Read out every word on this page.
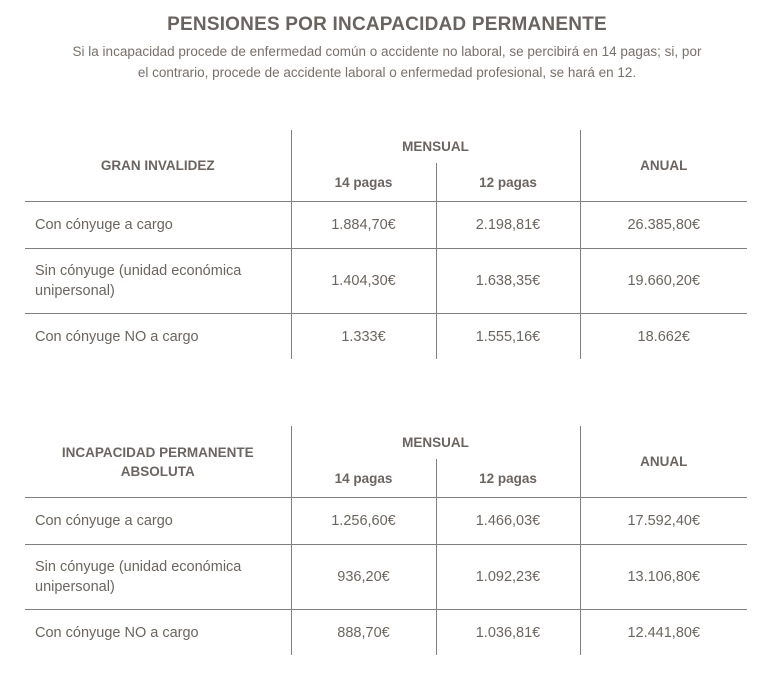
PENSIONES POR INCAPACIDAD PERMANENTE
Si la incapacidad procede de enfermedad común o accidente no laboral, se percibirá en 14 pagas; si, por
el contrario, procede de accidente laboral o enfermedad profesional, se hará en 12.
GRAN INVALIDEZ	MENSUAL		ANUAL
	14 pagas	12 pagas	
Con cónyuge a cargo	1.884,70€	2.198,81€	26.385,80€
Sin cónyuge (unidad económica unipersonal)	1.404,30€	1.638,35€	19.660,20€
Con cónyuge NO a cargo	1.333€	1.555,16€	18.662€
INCAPACIDAD PERMANENTE ABSOLUTA	MENSUAL		ANUAL
	14 pagas	12 pagas	
Con cónyuge a cargo	1.256,60€	1.466,03€	17.592,40€
Sin cónyuge (unidad económica unipersonal)	936,20€	1.092,23€	13.106,80€
Con cónyuge NO a cargo	888,70€	1.036,81€	12.441,80€
